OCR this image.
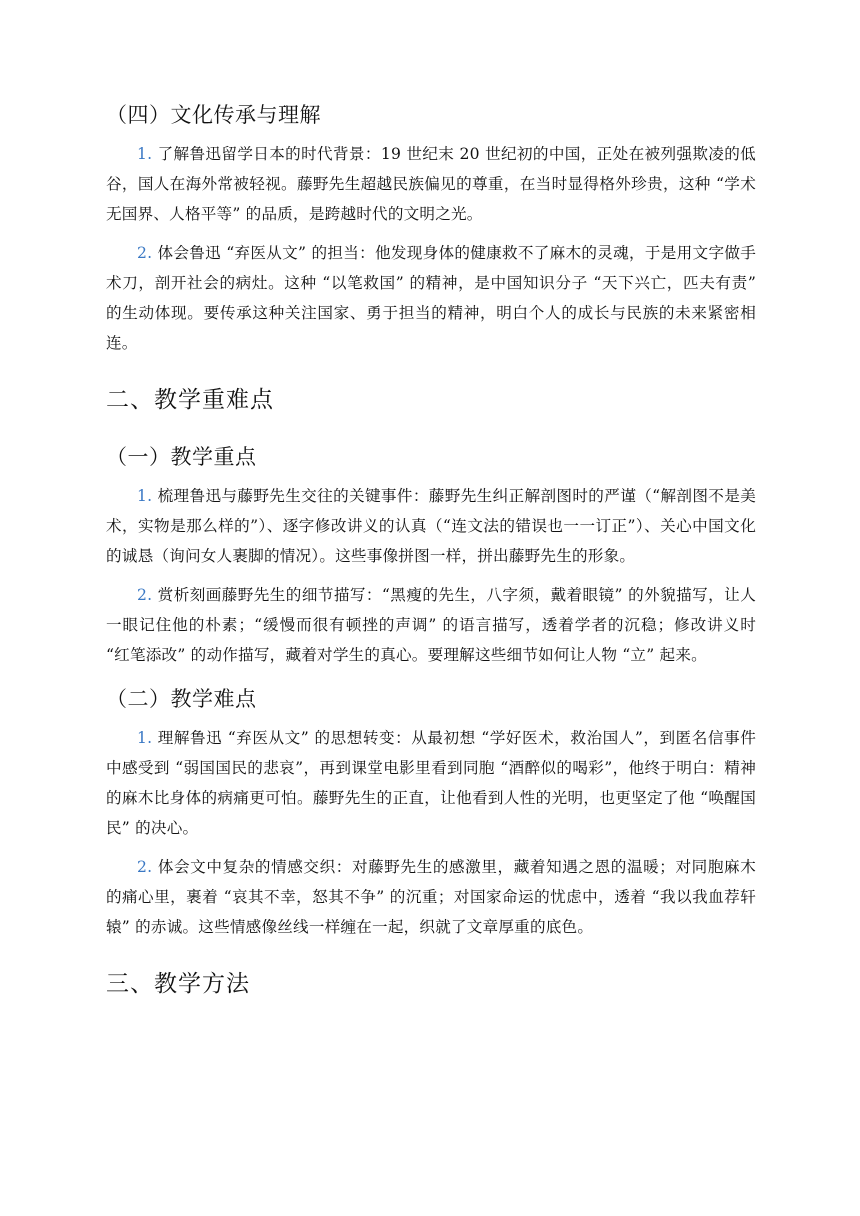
（四）文化传承与理解

1. 了解鲁迅留学日本的时代背景：19 世纪末 20 世纪初的中国，正处在被列强欺凌的低谷，国人在海外常被轻视。藤野先生超越民族偏见的尊重，在当时显得格外珍贵，这种 “学术无国界、人格平等” 的品质，是跨越时代的文明之光。

2. 体会鲁迅 “弃医从文” 的担当：他发现身体的健康救不了麻木的灵魂，于是用文字做手术刀，剖开社会的病灶。这种 “以笔救国” 的精神，是中国知识分子 “天下兴亡，匹夫有责” 的生动体现。要传承这种关注国家、勇于担当的精神，明白个人的成长与民族的未来紧密相连。

二、教学重难点
（一）教学重点

1. 梳理鲁迅与藤野先生交往的关键事件：藤野先生纠正解剖图时的严谨（“解剖图不是美术，实物是那么样的”）、逐字修改讲义的认真（“连文法的错误也一一订正”）、关心中国文化的诚恳（询问女人裹脚的情况）。这些事像拼图一样，拼出藤野先生的形象。

2. 赏析刻画藤野先生的细节描写：“黑瘦的先生，八字须，戴着眼镜” 的外貌描写，让人一眼记住他的朴素；“缓慢而很有顿挫的声调” 的语言描写，透着学者的沉稳；修改讲义时 “红笔添改” 的动作描写，藏着对学生的真心。要理解这些细节如何让人物 “立” 起来。

（二）教学难点

1. 理解鲁迅 “弃医从文” 的思想转变：从最初想 “学好医术，救治国人”，到匿名信事件中感受到 “弱国国民的悲哀”，再到课堂电影里看到同胞 “酒醉似的喝彩”，他终于明白：精神的麻木比身体的病痛更可怕。藤野先生的正直，让他看到人性的光明，也更坚定了他 “唤醒国民” 的决心。

2. 体会文中复杂的情感交织：对藤野先生的感激里，藏着知遇之恩的温暖；对同胞麻木的痛心里，裹着 “哀其不幸，怒其不争” 的沉重；对国家命运的忧虑中，透着 “我以我血荐轩辕” 的赤诚。这些情感像丝线一样缠在一起，织就了文章厚重的底色。

三、教学方法
